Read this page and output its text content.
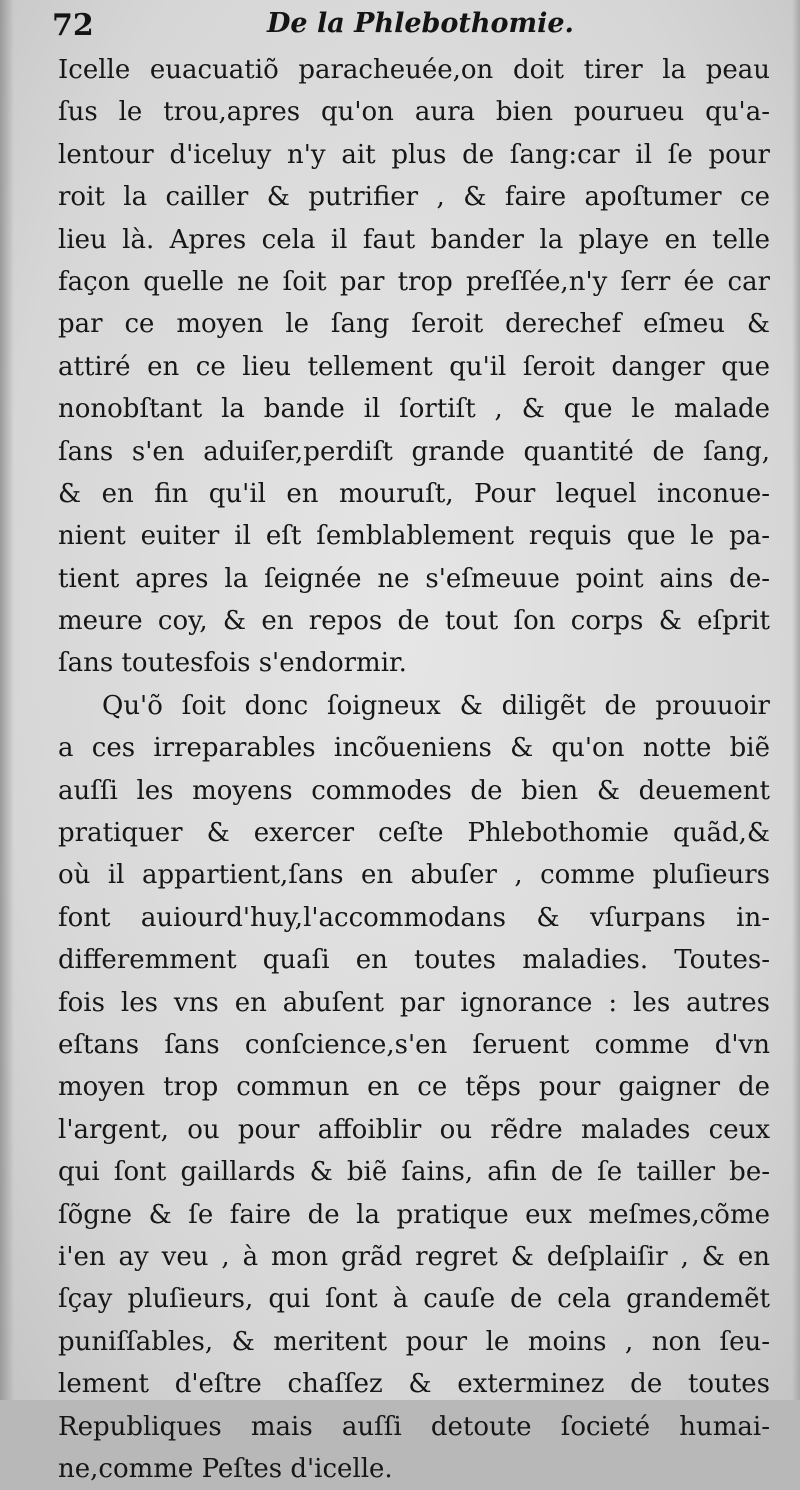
72	De la Phlebothomie.
Icelle euacuatiõ paracheuée,on doit tirer la peau
ſus le trou,apres qu'on aura bien pourueu qu'a-
lentour d'iceluy n'y ait plus de ſang:car il ſe pour
roit la cailler & putrifier , & faire apoſtumer ce
lieu là. Apres cela il faut bander la playe en telle
façon quelle ne ſoit par trop preſſée,n'y ſerr ée car
par ce moyen le ſang ſeroit derechef eſmeu &
attiré en ce lieu tellement qu'il ſeroit danger que
nonobſtant la bande il ſortiſt , & que le malade
ſans s'en aduiſer,perdiſt grande quantité de ſang,
& en fin qu'il en mouruſt, Pour lequel inconue-
nient euiter il eſt ſemblablement requis que le pa-
tient apres la ſeignée ne s'eſmeuue point ains de-
meure coy, & en repos de tout ſon corps & eſprit
ſans toutesfois s'endormir.
Qu'õ ſoit donc ſoigneux & diligẽt de prouuoir
a ces irreparables incõueniens & qu'on notte biẽ
auſſi les moyens commodes de bien & deuement
pratiquer & exercer ceſte Phlebothomie quãd,&
où il appartient,ſans en abuſer , comme pluſieurs
font auiourd'huy,l'accommodans & vſurpans in-
differemment quaſi en toutes maladies. Toutes-
fois les vns en abuſent par ignorance : les autres
eſtans ſans conſcience,s'en ſeruent comme d'vn
moyen trop commun en ce tẽps pour gaigner de
l'argent, ou pour affoiblir ou rẽdre malades ceux
qui ſont gaillards & biẽ ſains, afin de ſe tailler be-
ſõgne & ſe faire de la pratique eux meſmes,cõme
i'en ay veu , à mon grãd regret & deſplaiſir , & en
ſçay pluſieurs, qui ſont à cauſe de cela grandemẽt
puniſſables, & meritent pour le moins , non ſeu-
lement d'eſtre chaſſez & exterminez de toutes
Republiques mais auſſi detoute ſocieté humai-
ne,comme Peſtes d'icelle.
